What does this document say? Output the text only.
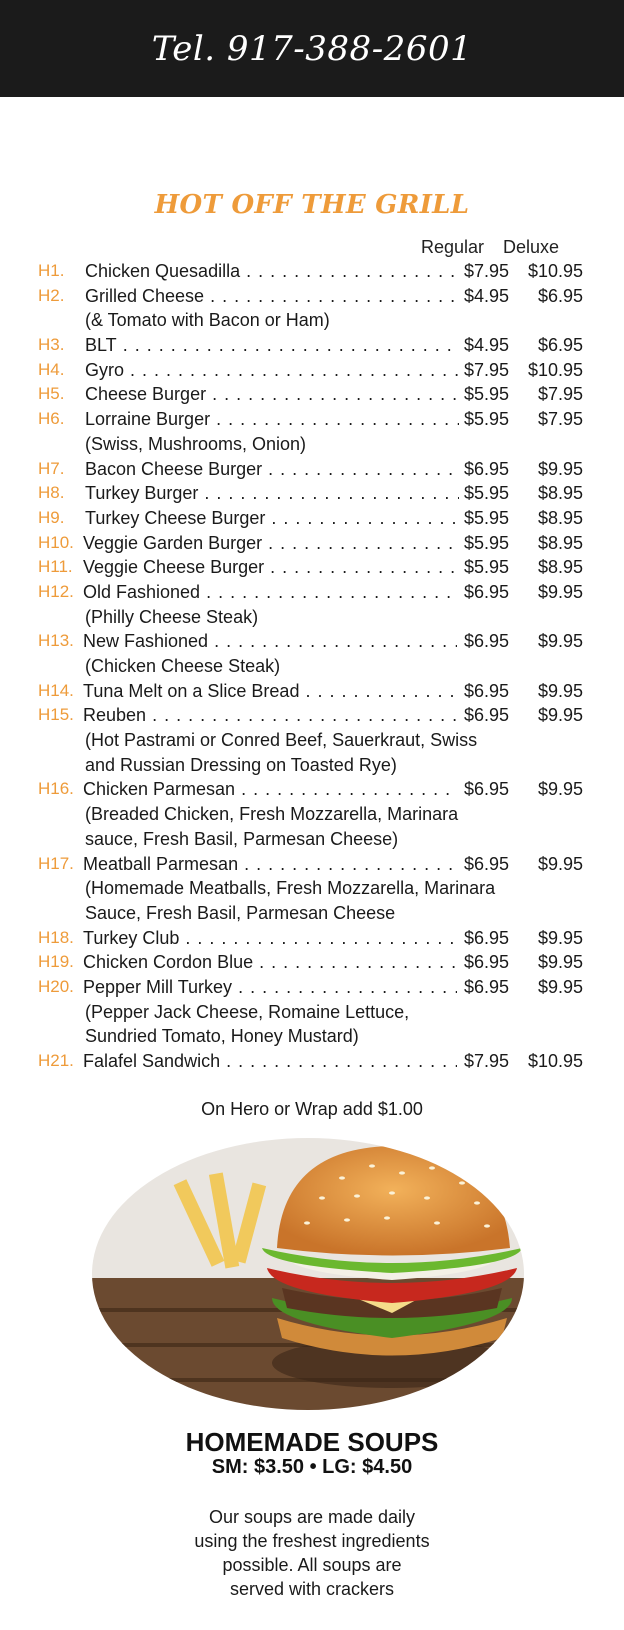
Tel. 917-388-2601
HOT OFF THE GRILL
Regular Deluxe
H1. Chicken Quesadilla . . .	$7.95	$10.95
H2. Grilled Cheese . . .	$4.95	$6.95
(& Tomato with Bacon or Ham)
H3. BLT . . .	$4.95	$6.95
H4. Gyro . . .	$7.95	$10.95
H5. Cheese Burger . . .	$5.95	$7.95
H6. Lorraine Burger . . .	$5.95	$7.95
(Swiss, Mushrooms, Onion)
H7. Bacon Cheese Burger . . .	$6.95	$9.95
H8. Turkey Burger . . .	$5.95	$8.95
H9. Turkey Cheese Burger . . .	$5.95	$8.95
H10. Veggie Garden Burger . . .	$5.95	$8.95
H11. Veggie Cheese Burger . . .	$5.95	$8.95
H12. Old Fashioned . . .	$6.95	$9.95
(Philly Cheese Steak)
H13. New Fashioned . . .	$6.95	$9.95
(Chicken Cheese Steak)
H14. Tuna Melt on a Slice Bread . . .	$6.95	$9.95
H15. Reuben . . .	$6.95	$9.95
(Hot Pastrami or Conred Beef, Sauerkraut, Swiss
and Russian Dressing on Toasted Rye)
H16. Chicken Parmesan . . .	$6.95	$9.95
(Breaded Chicken, Fresh Mozzarella, Marinara
sauce, Fresh Basil, Parmesan Cheese)
H17. Meatball Parmesan . . .	$6.95	$9.95
(Homemade Meatballs, Fresh Mozzarella, Marinara
Sauce, Fresh Basil, Parmesan Cheese
H18. Turkey Club . . .	$6.95	$9.95
H19. Chicken Cordon Blue . . .	$6.95	$9.95
H20. Pepper Mill Turkey . . .	$6.95	$9.95
(Pepper Jack Cheese, Romaine Lettuce,
Sundried Tomato, Honey Mustard)
H21. Falafel Sandwich . . .	$7.95	$10.95
On Hero or Wrap add $1.00
HOMEMADE SOUPS
SM: $3.50 • LG: $4.50
Our soups are made daily
using the freshest ingredients
possible. All soups are
served with crackers
